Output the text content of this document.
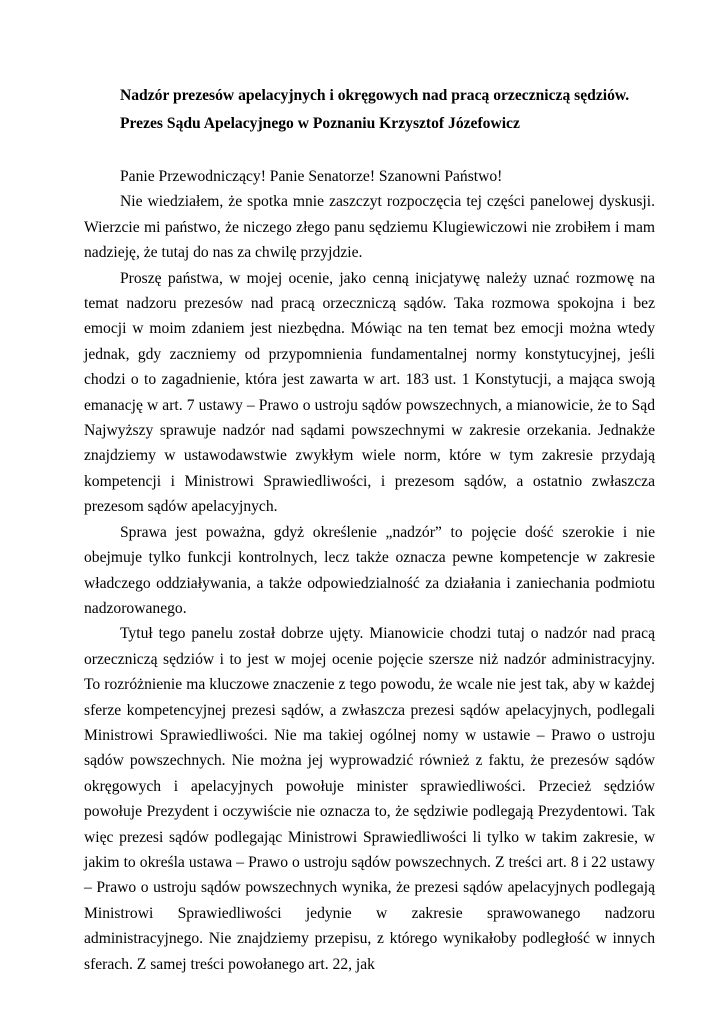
Nadzór prezesów apelacyjnych i okręgowych nad pracą orzeczniczą sędziów.
Prezes Sądu Apelacyjnego w Poznaniu Krzysztof Józefowicz

Panie Przewodniczący! Panie Senatorze! Szanowni Państwo!

Nie wiedziałem, że spotka mnie zaszczyt rozpoczęcia tej części panelowej dyskusji. Wierzcie mi państwo, że niczego złego panu sędziemu Klugiewiczowi nie zrobiłem i mam nadzieję, że tutaj do nas za chwilę przyjdzie.

Proszę państwa, w mojej ocenie, jako cenną inicjatywę należy uznać rozmowę na temat nadzoru prezesów nad pracą orzeczniczą sądów. Taka rozmowa spokojna i bez emocji w moim zdaniem jest niezbędna. Mówiąc na ten temat bez emocji można wtedy jednak, gdy zaczniemy od przypomnienia fundamentalnej normy konstytucyjnej, jeśli chodzi o to zagadnienie, która jest zawarta w art. 183 ust. 1 Konstytucji, a mająca swoją emanację w art. 7 ustawy – Prawo o ustroju sądów powszechnych, a mianowicie, że to Sąd Najwyższy sprawuje nadzór nad sądami powszechnymi w zakresie orzekania. Jednakże znajdziemy w ustawodawstwie zwykłym wiele norm, które w tym zakresie przydają kompetencji i Ministrowi Sprawiedliwości, i prezesom sądów, a ostatnio zwłaszcza prezesom sądów apelacyjnych.

Sprawa jest poważna, gdyż określenie „nadzór” to pojęcie dość szerokie i nie obejmuje tylko funkcji kontrolnych, lecz także oznacza pewne kompetencje w zakresie władczego oddziaływania, a także odpowiedzialność za działania i zaniechania podmiotu nadzorowanego.

Tytuł tego panelu został dobrze ujęty. Mianowicie chodzi tutaj o nadzór nad pracą orzeczniczą sędziów i to jest w mojej ocenie pojęcie szersze niż nadzór administracyjny. To rozróżnienie ma kluczowe znaczenie z tego powodu, że wcale nie jest tak, aby w każdej sferze kompetencyjnej prezesi sądów, a zwłaszcza prezesi sądów apelacyjnych, podlegali Ministrowi Sprawiedliwości. Nie ma takiej ogólnej nomy w ustawie – Prawo o ustroju sądów powszechnych. Nie można jej wyprowadzić również z faktu, że prezesów sądów okręgowych i apelacyjnych powołuje minister sprawiedliwości. Przecież sędziów powołuje Prezydent i oczywiście nie oznacza to, że sędziwie podlegają Prezydentowi. Tak więc prezesi sądów podlegając Ministrowi Sprawiedliwości li tylko w takim zakresie, w jakim to określa ustawa – Prawo o ustroju sądów powszechnych. Z treści art. 8 i 22 ustawy – Prawo o ustroju sądów powszechnych wynika, że prezesi sądów apelacyjnych podlegają Ministrowi Sprawiedliwości jedynie w zakresie sprawowanego nadzoru administracyjnego. Nie znajdziemy przepisu, z którego wynikałoby podległość w innych sferach. Z samej treści powołanego art. 22, jak
